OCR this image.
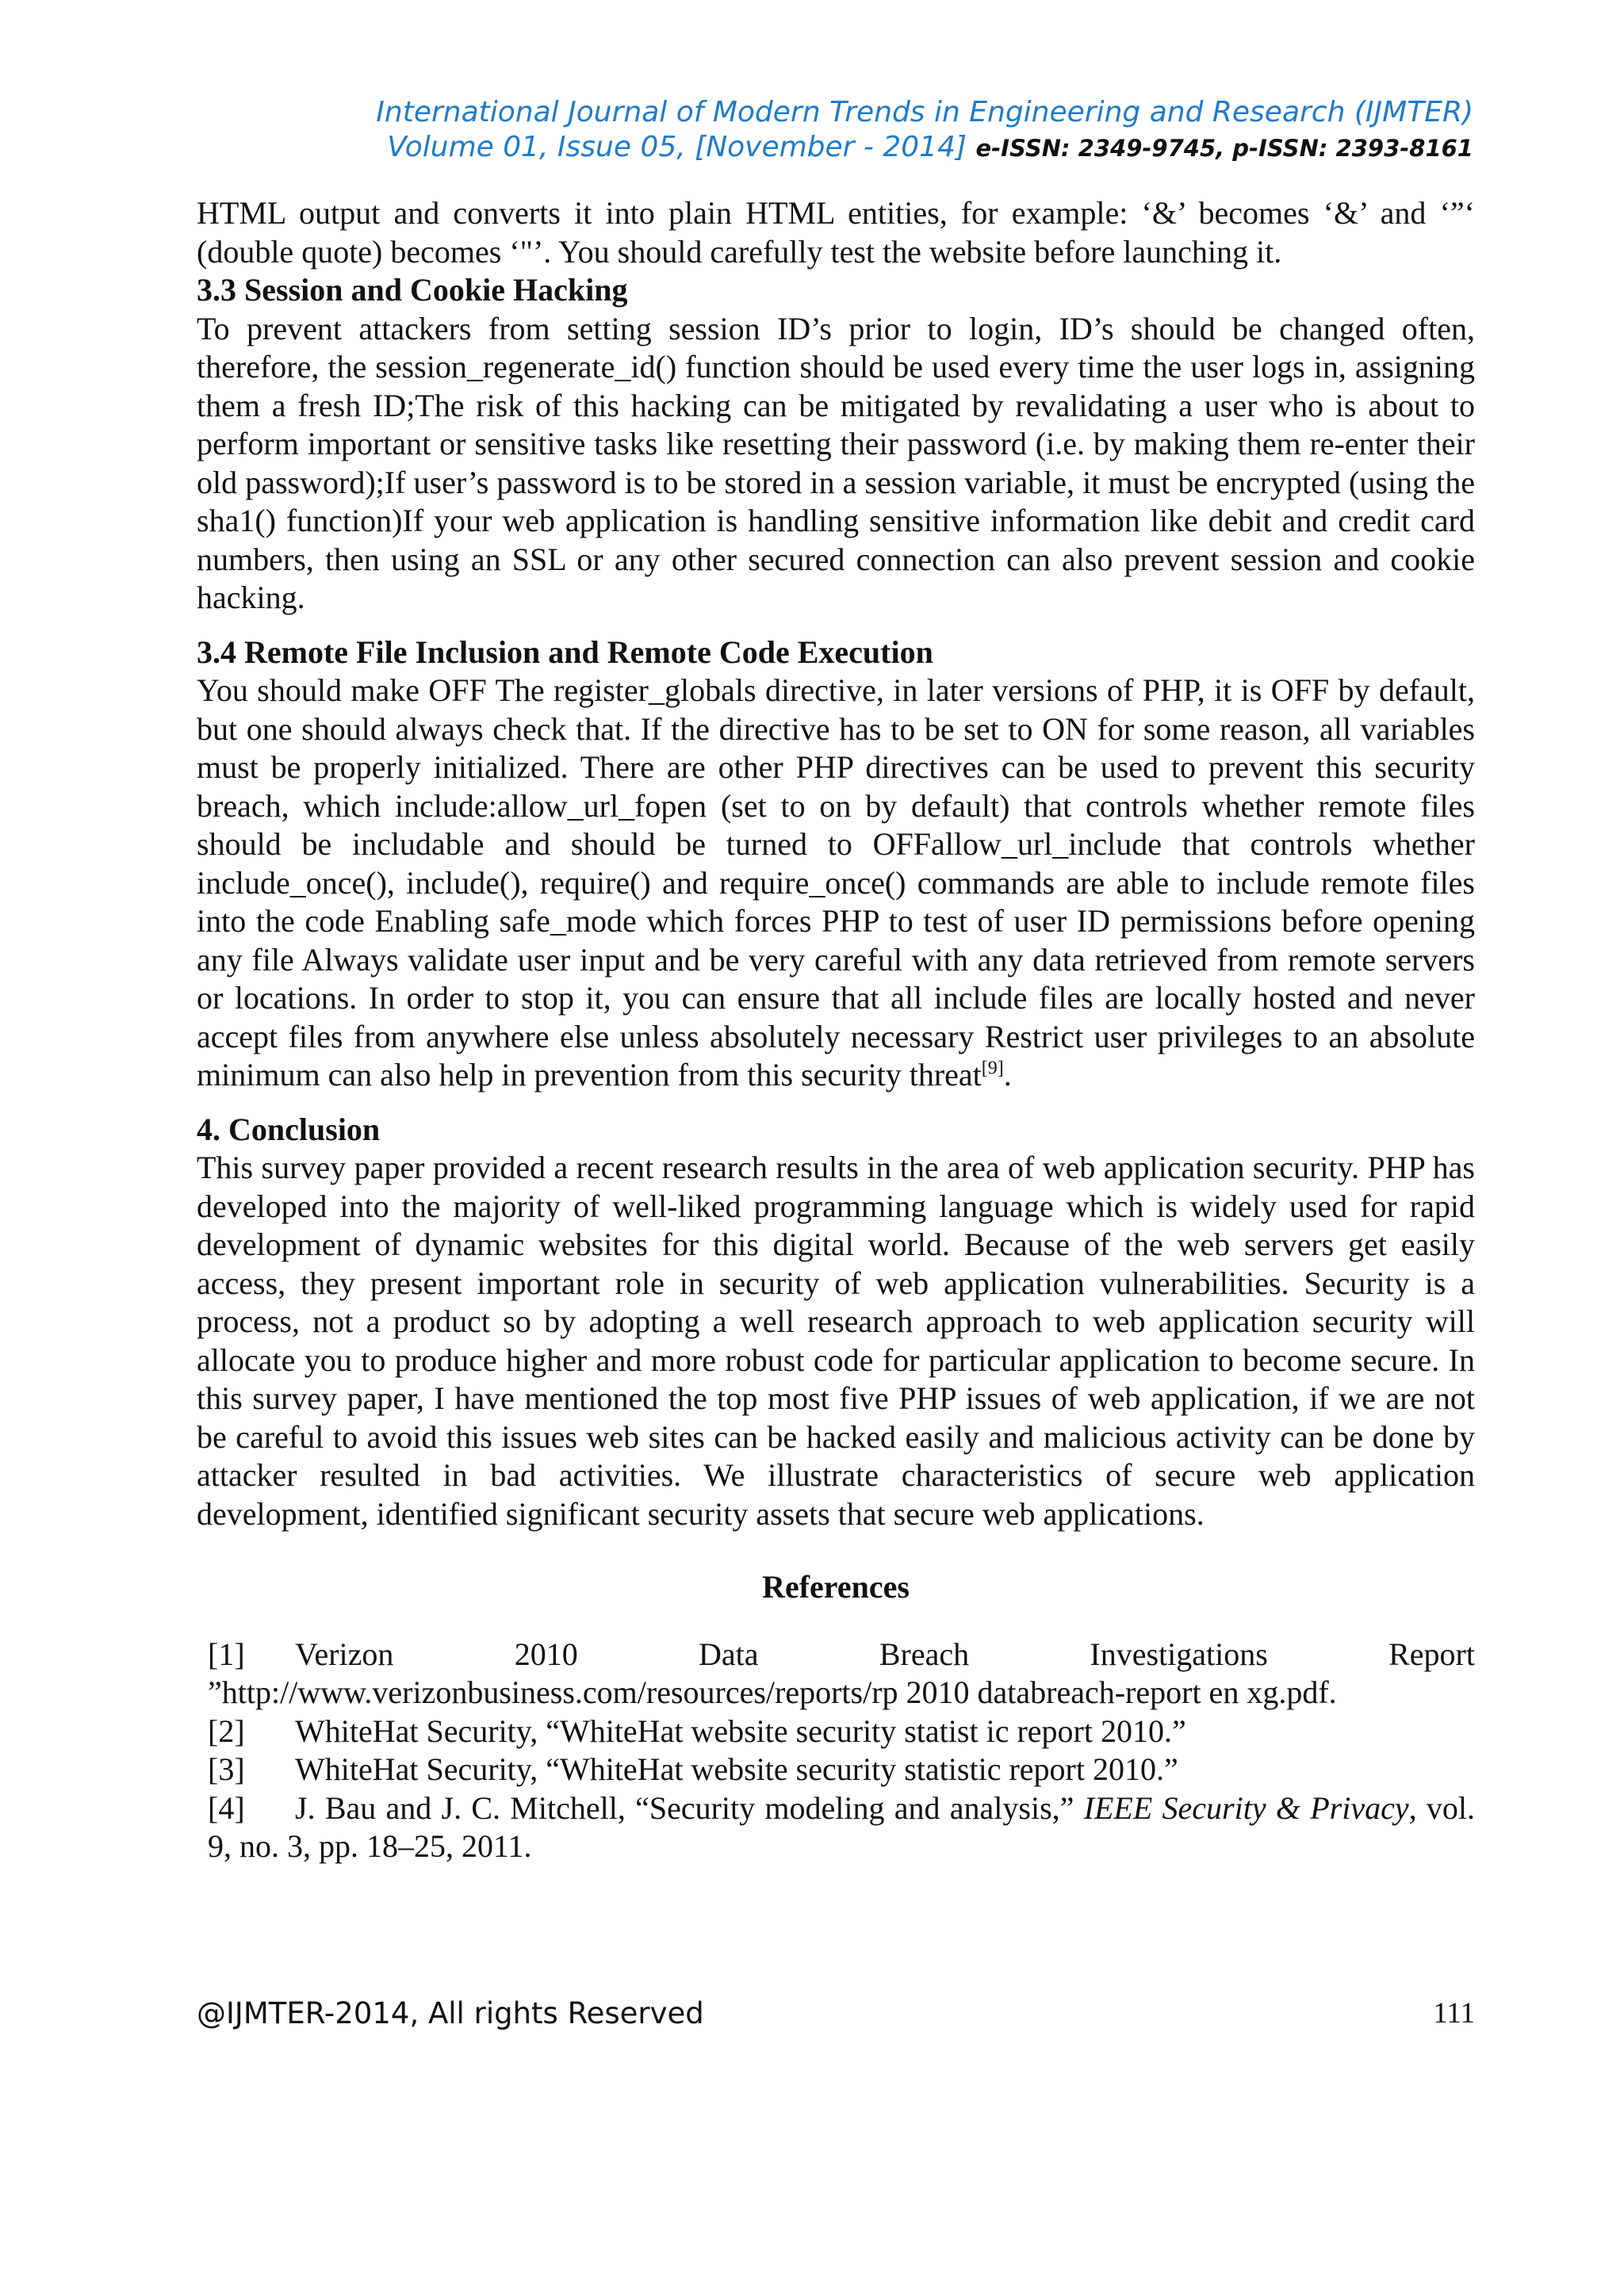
International Journal of Modern Trends in Engineering and Research (IJMTER)
Volume 01, Issue 05, [November - 2014] e-ISSN: 2349-9745, p-ISSN: 2393-8161

HTML output and converts it into plain HTML entities, for example: ‘&’ becomes ‘&’ and ‘”‘ (double quote) becomes ‘"’. You should carefully test the website before launching it.

3.3 Session and Cookie Hacking

To prevent attackers from setting session ID’s prior to login, ID’s should be changed often, therefore, the session_regenerate_id() function should be used every time the user logs in, assigning them a fresh ID;The risk of this hacking can be mitigated by revalidating a user who is about to perform important or sensitive tasks like resetting their password (i.e. by making them re-enter their old password);If user’s password is to be stored in a session variable, it must be encrypted (using the sha1() function)If your web application is handling sensitive information like debit and credit card numbers, then using an SSL or any other secured connection can also prevent session and cookie hacking.

3.4 Remote File Inclusion and Remote Code Execution

You should make OFF The register_globals directive, in later versions of PHP, it is OFF by default, but one should always check that. If the directive has to be set to ON for some reason, all variables must be properly initialized. There are other PHP directives can be used to prevent this security breach, which include:allow_url_fopen (set to on by default) that controls whether remote files should be includable and should be turned to OFFallow_url_include that controls whether include_once(), include(), require() and require_once() commands are able to include remote files into the code Enabling safe_mode which forces PHP to test of user ID permissions before opening any file Always validate user input and be very careful with any data retrieved from remote servers or locations. In order to stop it, you can ensure that all include files are locally hosted and never accept files from anywhere else unless absolutely necessary Restrict user privileges to an absolute minimum can also help in prevention from this security threat[9].

4. Conclusion

This survey paper provided a recent research results in the area of web application security. PHP has developed into the majority of well-liked programming language which is widely used for rapid development of dynamic websites for this digital world. Because of the web servers get easily access, they present important role in security of web application vulnerabilities. Security is a process, not a product so by adopting a well research approach to web application security will allocate you to produce higher and more robust code for particular application to become secure. In this survey paper, I have mentioned the top most five PHP issues of web application, if we are not be careful to avoid this issues web sites can be hacked easily and malicious activity can be done by attacker resulted in bad activities. We illustrate characteristics of secure web application development, identified significant security assets that secure web applications.

References
[1] Verizon 2010 Data Breach Investigations Report ”http://www.verizonbusiness.com/resources/reports/rp 2010 databreach-report en xg.pdf.
[2] WhiteHat Security, “WhiteHat website security statist ic report 2010.”
[3] WhiteHat Security, “WhiteHat website security statistic report 2010.”
[4] J. Bau and J. C. Mitchell, “Security modeling and analysis,” IEEE Security & Privacy, vol. 9, no. 3, pp. 18–25, 2011.
@IJMTER-2014, All rights Reserved	111
